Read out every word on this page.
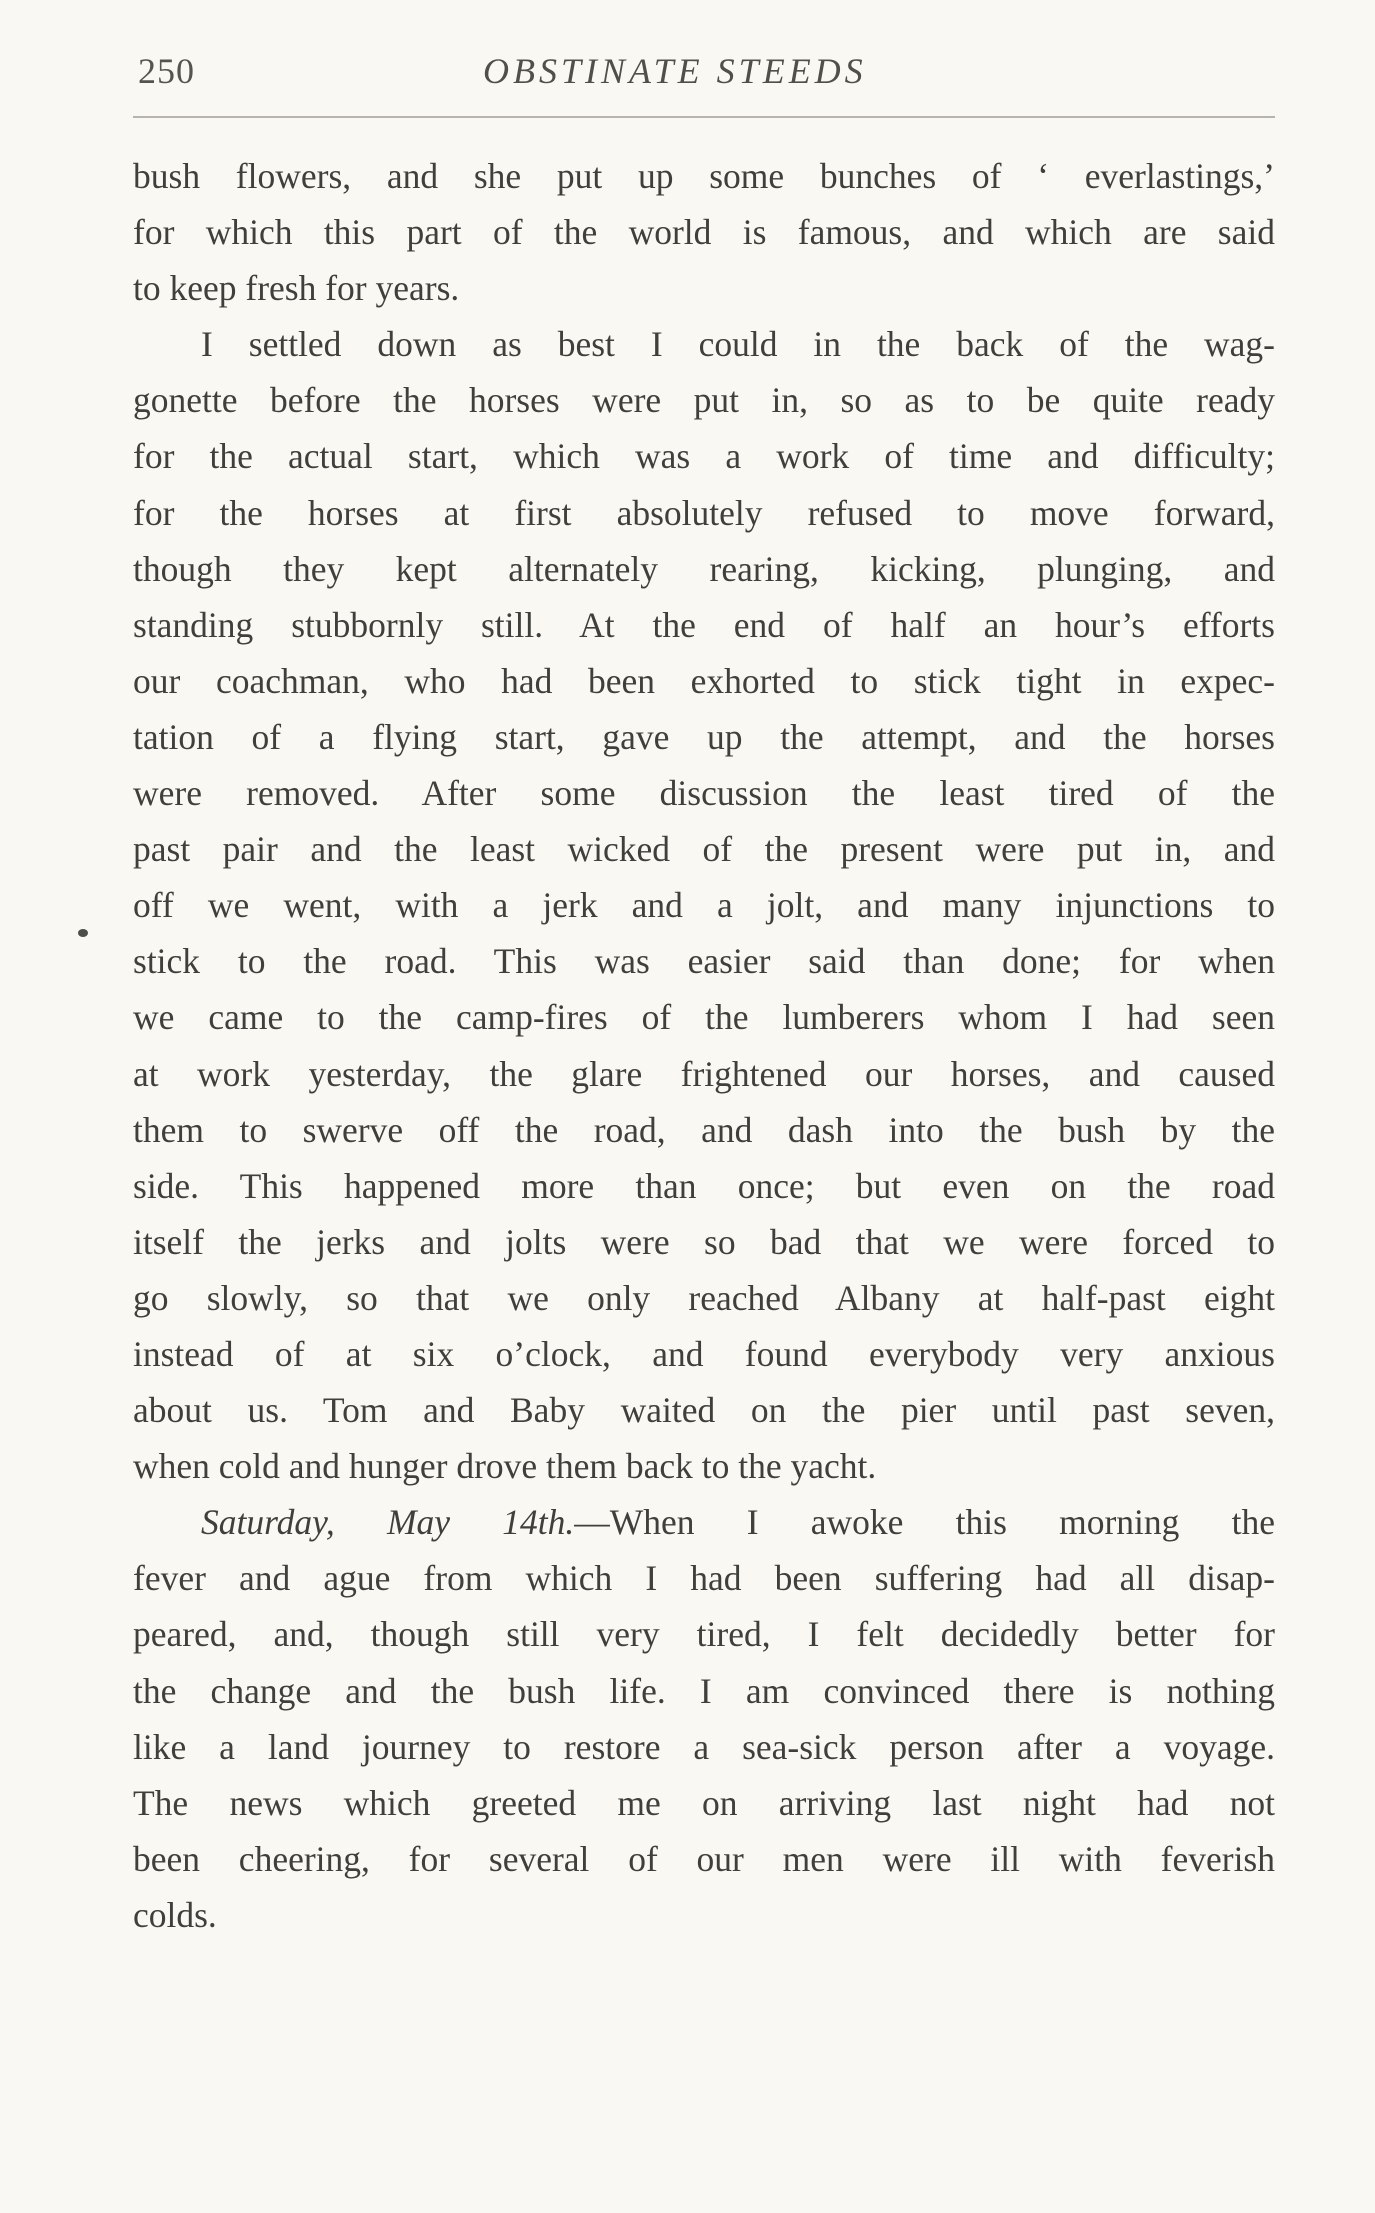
250	OBSTINATE STEEDS
bush flowers, and she put up some bunches of ‘ everlastings,’
for which this part of the world is famous, and which are said
to keep fresh for years.
I settled down as best I could in the back of the wag-
gonette before the horses were put in, so as to be quite ready
for the actual start, which was a work of time and difficulty;
for the horses at first absolutely refused to move forward,
though they kept alternately rearing, kicking, plunging, and
standing stubbornly still. At the end of half an hour’s efforts
our coachman, who had been exhorted to stick tight in expec-
tation of a flying start, gave up the attempt, and the horses
were removed. After some discussion the least tired of the
past pair and the least wicked of the present were put in, and
off we went, with a jerk and a jolt, and many injunctions to
stick to the road. This was easier said than done; for when
we came to the camp-fires of the lumberers whom I had seen
at work yesterday, the glare frightened our horses, and caused
them to swerve off the road, and dash into the bush by the
side. This happened more than once; but even on the road
itself the jerks and jolts were so bad that we were forced to
go slowly, so that we only reached Albany at half-past eight
instead of at six o’clock, and found everybody very anxious
about us. Tom and Baby waited on the pier until past seven,
when cold and hunger drove them back to the yacht.
Saturday, May 14th.—When I awoke this morning the
fever and ague from which I had been suffering had all disap-
peared, and, though still very tired, I felt decidedly better for
the change and the bush life. I am convinced there is nothing
like a land journey to restore a sea-sick person after a voyage.
The news which greeted me on arriving last night had not
been cheering, for several of our men were ill with feverish
colds.
